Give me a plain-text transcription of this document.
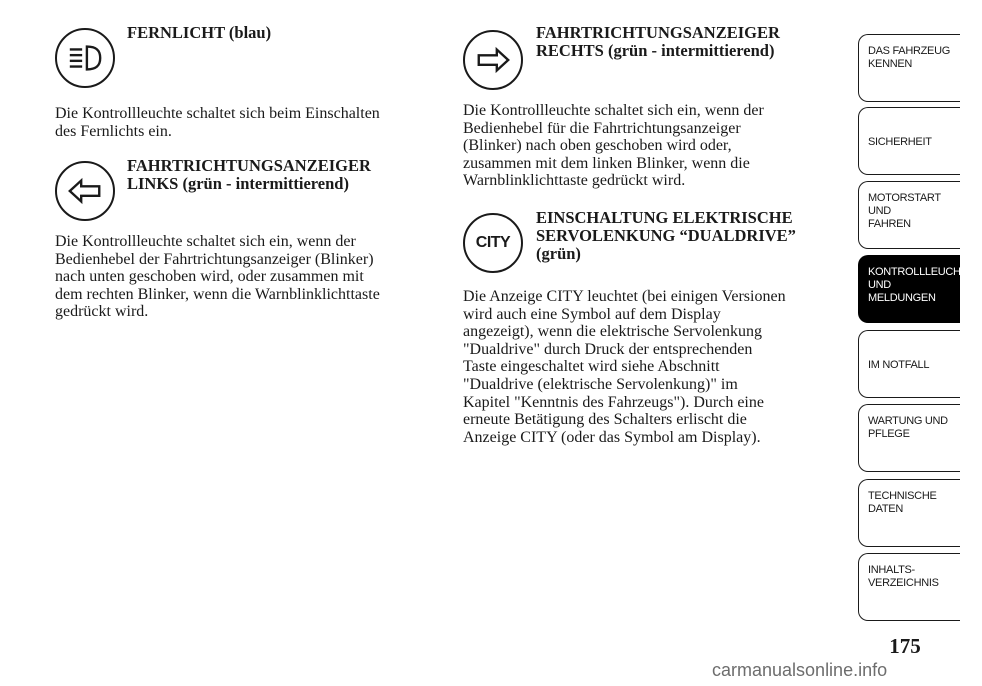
FERNLICHT (blau)

Die Kontrollleuchte schaltet sich beim Einschalten
des Fernlichts ein.
FAHRTRICHTUNGSANZEIGER
LINKS (grün - intermittierend)
Die Kontrollleuchte schaltet sich ein, wenn der
Bedienhebel der Fahrtrichtungsanzeiger (Blinker)
nach unten geschoben wird, oder zusammen mit
dem rechten Blinker, wenn die Warnblinklichttaste
gedrückt wird.
FAHRTRICHTUNGSANZEIGER
RECHTS (grün - intermittierend)
Die Kontrollleuchte schaltet sich ein, wenn der
Bedienhebel für die Fahrtrichtungsanzeiger
(Blinker) nach oben geschoben wird oder,
zusammen mit dem linken Blinker, wenn die
Warnblinklichttaste gedrückt wird.
CITY
EINSCHALTUNG ELEKTRISCHE
SERVOLENKUNG “DUALDRIVE”
(grün)
Die Anzeige CITY leuchtet (bei einigen Versionen
wird auch eine Symbol auf dem Display
angezeigt), wenn die elektrische Servolenkung
"Dualdrive" durch Druck der entsprechenden
Taste eingeschaltet wird siehe Abschnitt
"Dualdrive (elektrische Servolenkung)" im
Kapitel "Kenntnis des Fahrzeugs"). Durch eine
erneute Betätigung des Schalters erlischt die
Anzeige CITY (oder das Symbol am Display).
DAS FAHRZEUG
KENNEN
SICHERHEIT
MOTORSTART UND
FAHREN
KONTROLLLEUCHTEN
UND MELDUNGEN
IM NOTFALL
WARTUNG UND
PFLEGE
TECHNISCHE
DATEN
INHALTS-
VERZEICHNIS
175
carmanualsonline.info
